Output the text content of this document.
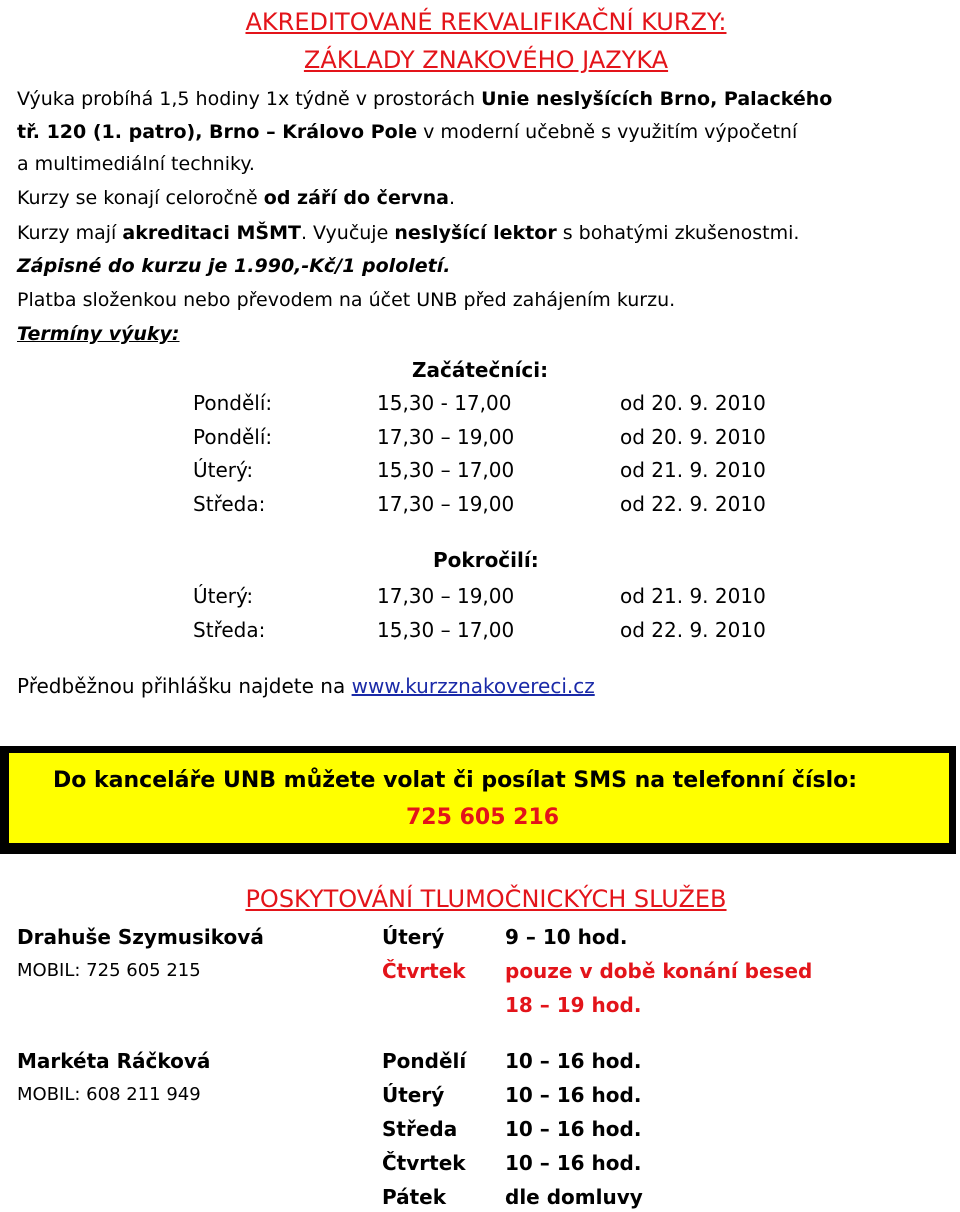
AKREDITOVANÉ REKVALIFIKAČNÍ KURZY:
ZÁKLADY ZNAKOVÉHO JAZYKA
Výuka probíhá 1,5 hodiny 1x týdně v prostorách Unie neslyšících Brno, Palackého
tř. 120 (1. patro), Brno – Královo Pole v moderní učebně s využitím výpočetní
a multimediální techniky.
Kurzy se konají celoročně od září do června.
Kurzy mají akreditaci MŠMT. Vyučuje neslyšící lektor s bohatými zkušenostmi.
Zápisné do kurzu je 1.990,-Kč/1 pololetí.
Platba složenkou nebo převodem na účet UNB před zahájením kurzu.
Termíny výuky:
Začátečníci:
Pondělí:	15,30 - 17,00	od 20. 9. 2010
Pondělí:	17,30 – 19,00	od 20. 9. 2010
Úterý:	15,30 – 17,00	od 21. 9. 2010
Středa:	17,30 – 19,00	od 22. 9. 2010
Pokročilí:
Úterý:	17,30 – 19,00	od 21. 9. 2010
Středa:	15,30 – 17,00	od 22. 9. 2010
Předběžnou přihlášku najdete na www.kurzznakovereci.cz
Do kanceláře UNB můžete volat či posílat SMS na telefonní číslo:
725 605 216
POSKYTOVÁNÍ TLUMOČNICKÝCH SLUŽEB
Drahuše Szymusiková
MOBIL: 725 605 215
Úterý	9 – 10 hod.
Čtvrtek pouze v době konání besed
18 – 19 hod.
Markéta Ráčková
MOBIL: 608 211 949
Pondělí 10 – 16 hod.
Úterý	10 – 16 hod.
Středa 10 – 16 hod.
Čtvrtek 10 – 16 hod.
Pátek	dle domluvy
